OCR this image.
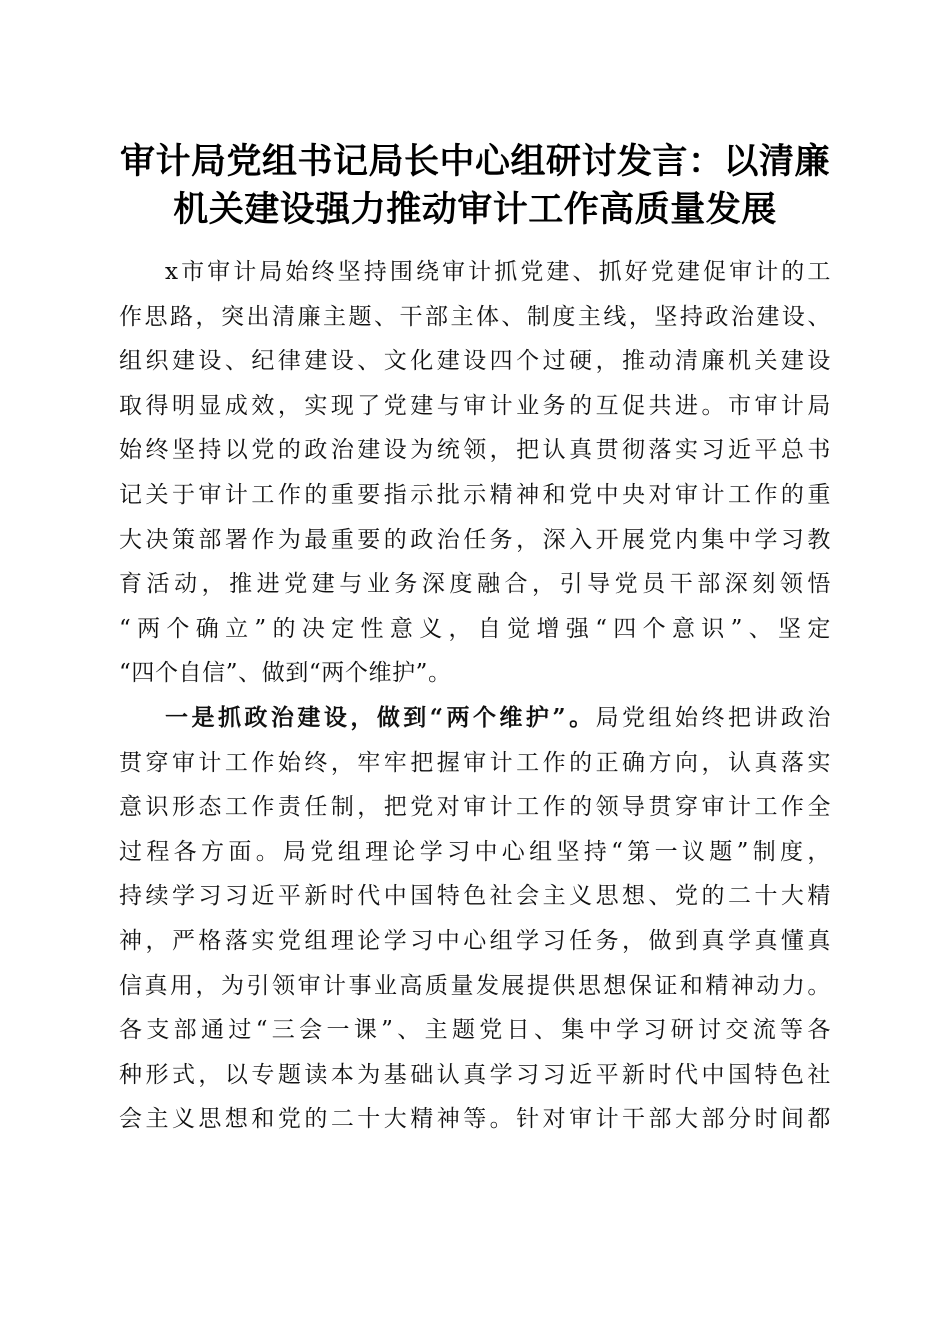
审计局党组书记局长中心组研讨发言：以清廉
机关建设强力推动审计工作高质量发展
x市审计局始终坚持围绕审计抓党建、抓好党建促审计的工
作思路，突出清廉主题、干部主体、制度主线，坚持政治建设、
组织建设、纪律建设、文化建设四个过硬，推动清廉机关建设
取得明显成效，实现了党建与审计业务的互促共进。市审计局
始终坚持以党的政治建设为统领，把认真贯彻落实习近平总书
记关于审计工作的重要指示批示精神和党中央对审计工作的重
大决策部署作为最重要的政治任务，深入开展党内集中学习教
育活动，推进党建与业务深度融合，引导党员干部深刻领悟
“两个确立”的决定性意义，自觉增强“四个意识”、坚定
“四个自信”、做到“两个维护”。
一是抓政治建设，做到“两个维护”。局党组始终把讲政治
贯穿审计工作始终，牢牢把握审计工作的正确方向，认真落实
意识形态工作责任制，把党对审计工作的领导贯穿审计工作全
过程各方面。局党组理论学习中心组坚持“第一议题”制度，
持续学习习近平新时代中国特色社会主义思想、党的二十大精
神，严格落实党组理论学习中心组学习任务，做到真学真懂真
信真用，为引领审计事业高质量发展提供思想保证和精神动力。
各支部通过“三会一课”、主题党日、集中学习研讨交流等各
种形式，以专题读本为基础认真学习习近平新时代中国特色社
会主义思想和党的二十大精神等。针对审计干部大部分时间都
